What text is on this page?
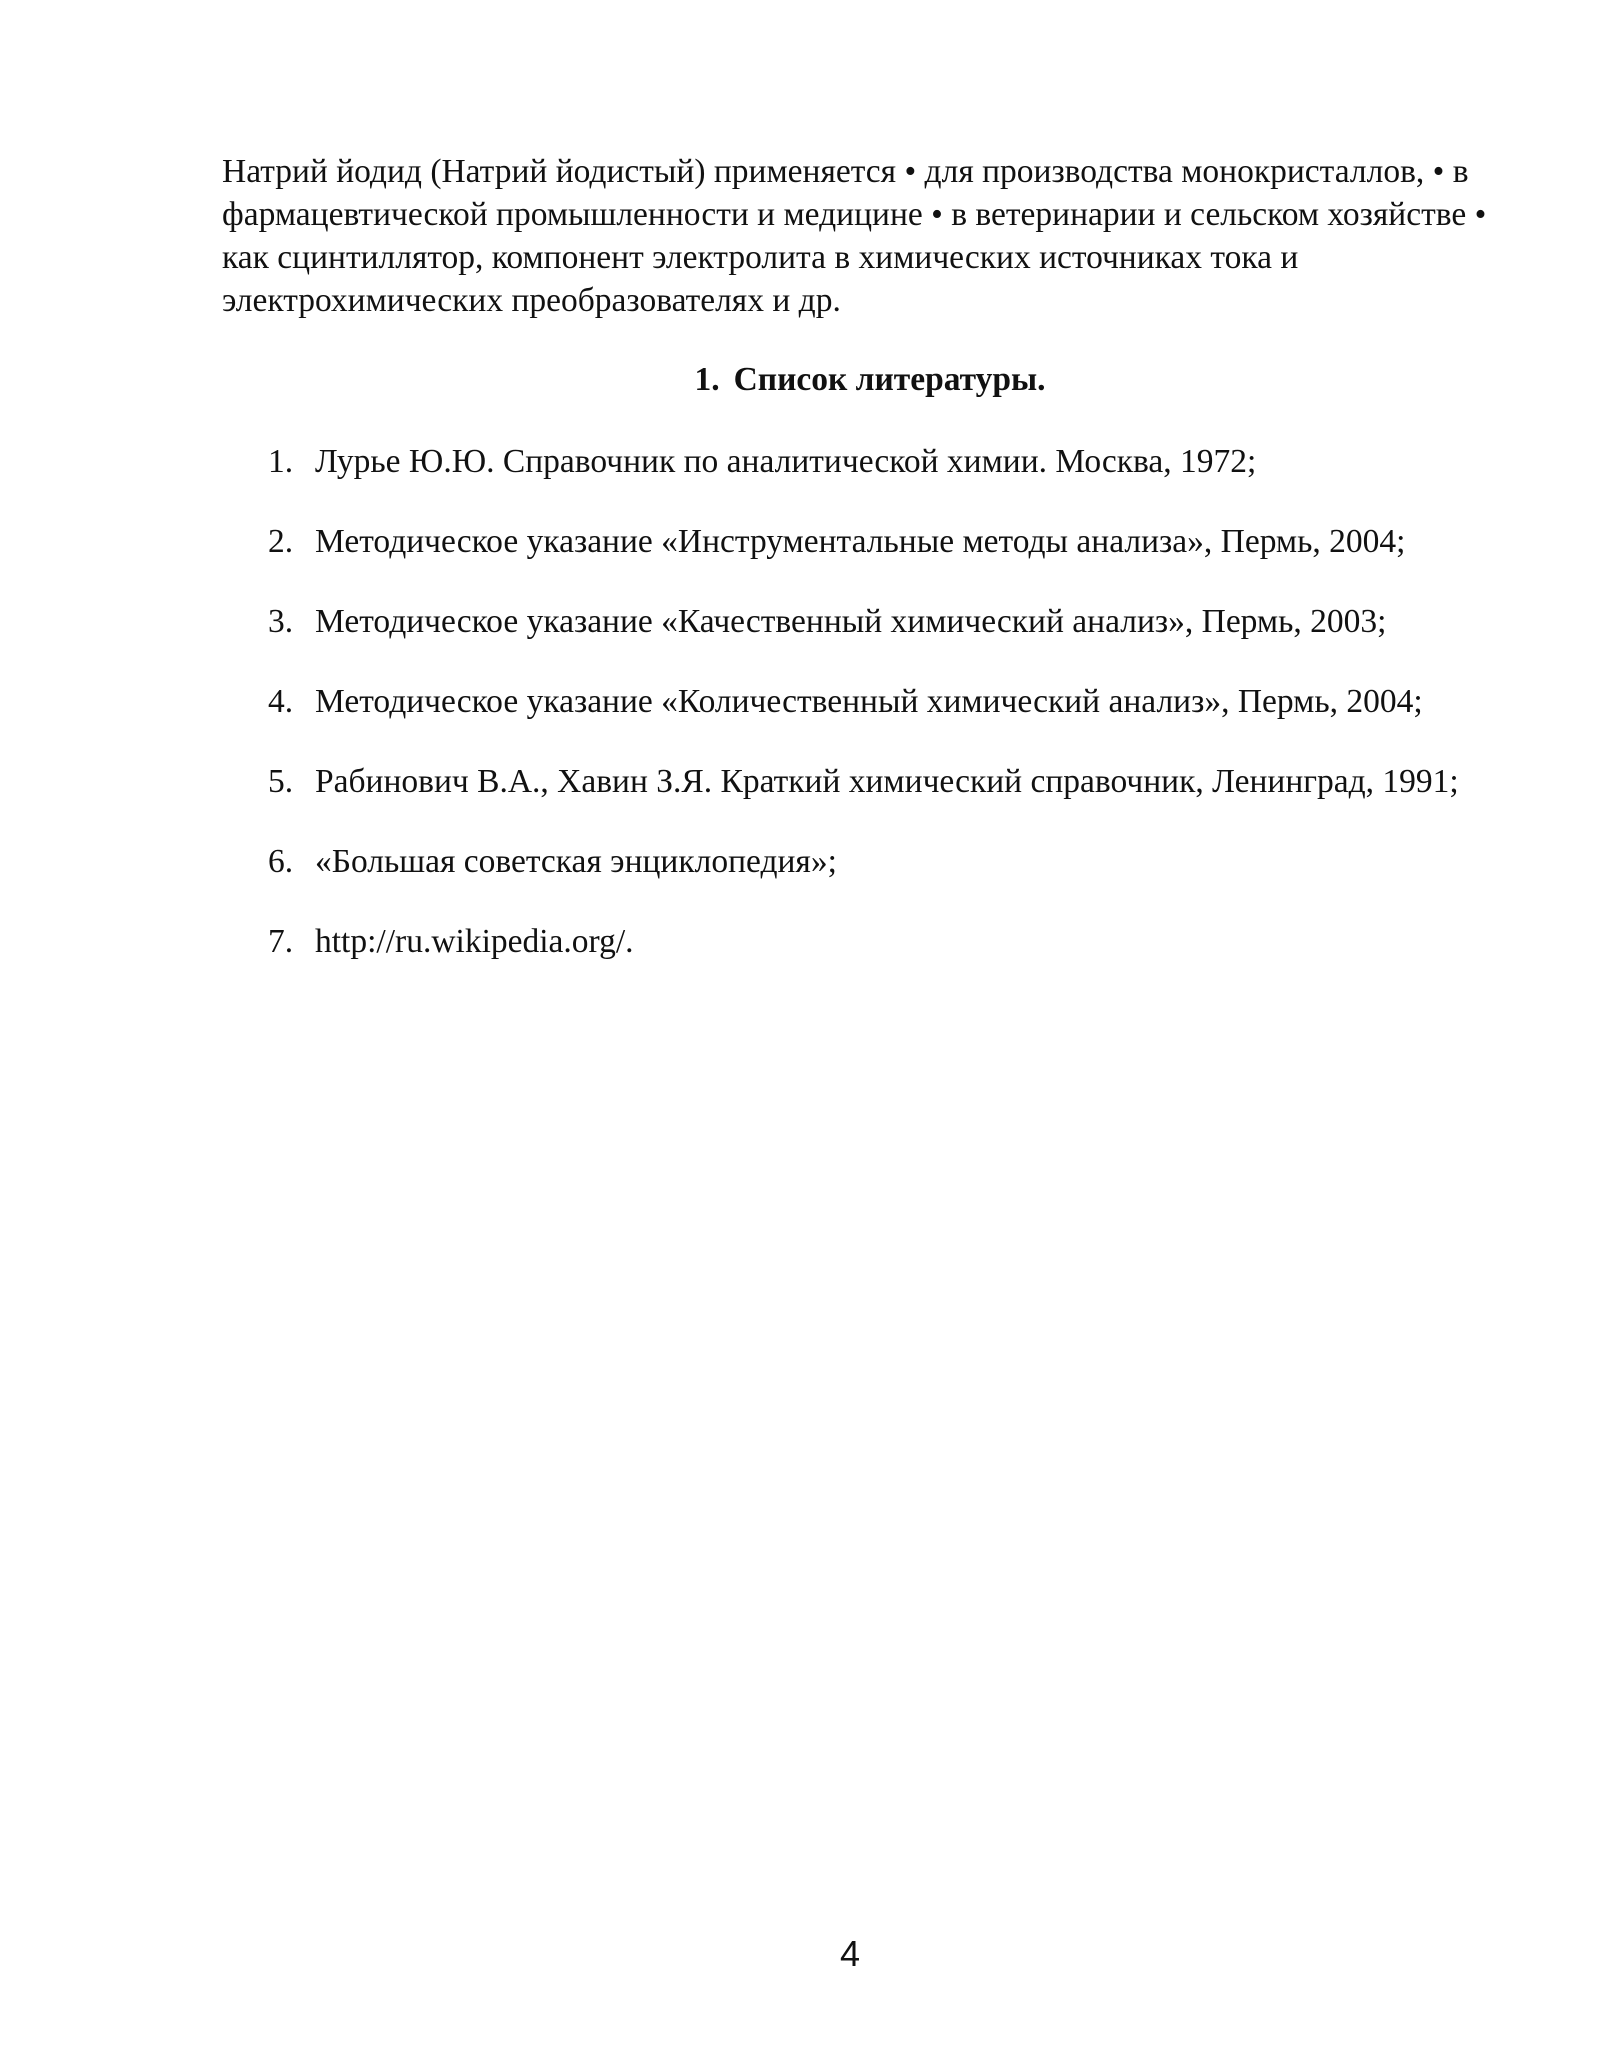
Натрий йодид (Натрий йодистый) применяется • для производства монокристаллов, • в фармацевтической промышленности и медицине • в ветеринарии и сельском хозяйстве • как сцинтиллятор, компонент электролита в химических источниках тока и электрохимических преобразователях и др.

1. Список литературы.
1. Лурье Ю.Ю. Справочник по аналитической химии. Москва, 1972;
2. Методическое указание «Инструментальные методы анализа», Пермь, 2004;
3. Методическое указание «Качественный химический анализ», Пермь, 2003;
4. Методическое указание «Количественный химический анализ», Пермь, 2004;
5. Рабинович В.А., Хавин З.Я. Краткий химический справочник, Ленинград, 1991;
6. «Большая советская энциклопедия»;
7. http://ru.wikipedia.org/.
4
